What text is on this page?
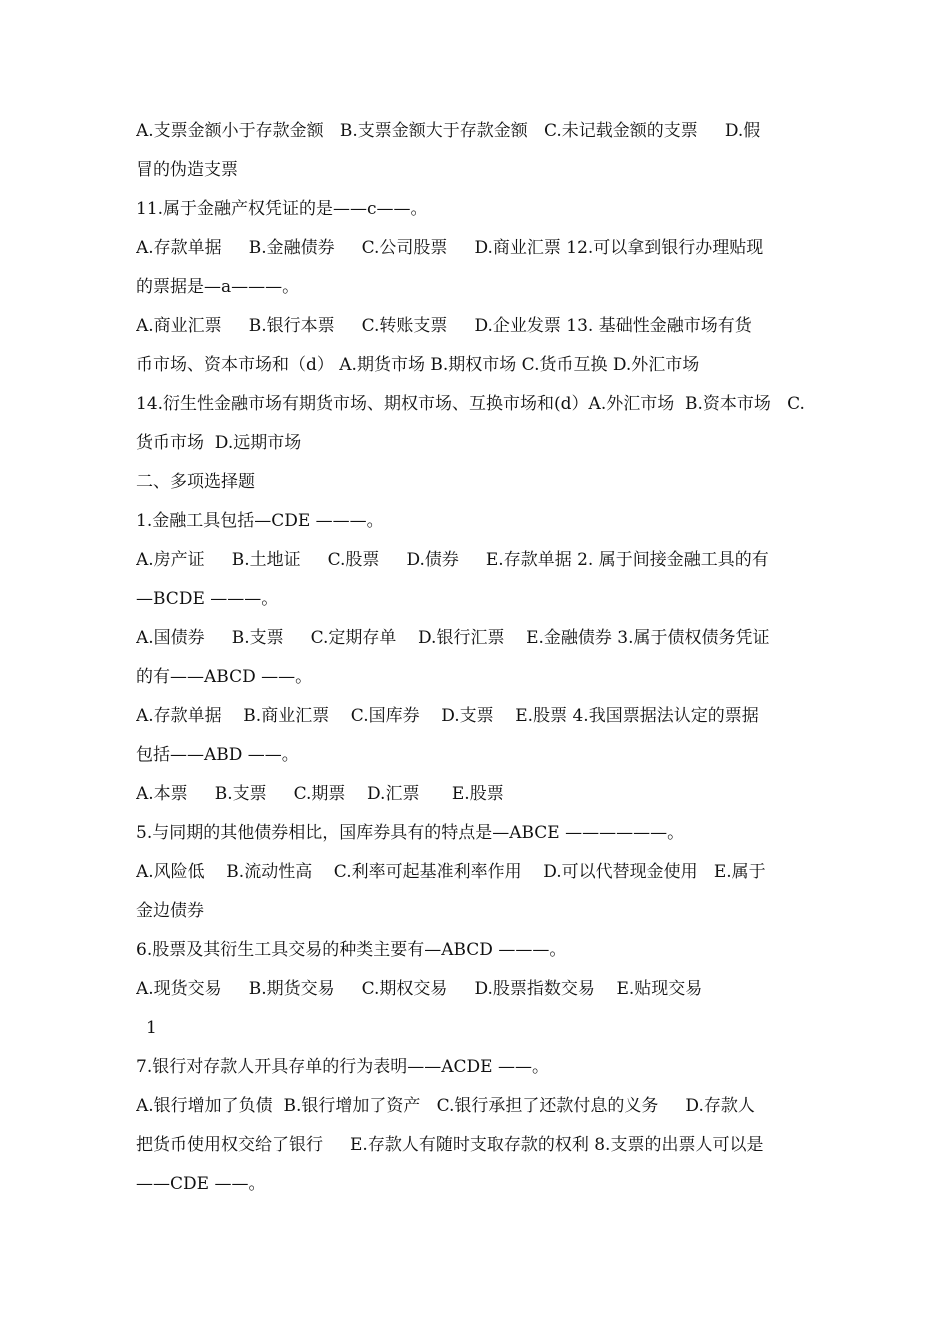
A.支票金额小于存款金额   B.支票金额大于存款金额   C.未记载金额的支票     D.假
冒的伪造支票
11.属于金融产权凭证的是——c——。
A.存款单据     B.金融债券     C.公司股票     D.商业汇票 12.可以拿到银行办理贴现
的票据是—a———。
A.商业汇票     B.银行本票     C.转账支票     D.企业发票 13. 基础性金融市场有货
币市场、资本市场和（d） A.期货市场 B.期权市场 C.货币互换 D.外汇市场
14.衍生性金融市场有期货市场、期权市场、互换市场和(d）A.外汇市场  B.资本市场   C.
货币市场  D.远期市场
二、多项选择题
1.金融工具包括—CDE ———。
A.房产证     B.土地证     C.股票     D.债券     E.存款单据 2. 属于间接金融工具的有
—BCDE ———。
A.国债券     B.支票     C.定期存单    D.银行汇票    E.金融债券 3.属于债权债务凭证
的有——ABCD ——。
A.存款单据    B.商业汇票    C.国库券    D.支票    E.股票 4.我国票据法认定的票据
包括——ABD ——。
A.本票     B.支票     C.期票    D.汇票      E.股票
5.与同期的其他债券相比，国库券具有的特点是—ABCE ——————。
A.风险低    B.流动性高    C.利率可起基准利率作用    D.可以代替现金使用   E.属于
金边债券
6.股票及其衍生工具交易的种类主要有—ABCD ———。
A.现货交易     B.期货交易     C.期权交易     D.股票指数交易    E.贴现交易
1
7.银行对存款人开具存单的行为表明——ACDE ——。
A.银行增加了负债  B.银行增加了资产   C.银行承担了还款付息的义务     D.存款人
把货币使用权交给了银行     E.存款人有随时支取存款的权利 8.支票的出票人可以是
——CDE ——。
